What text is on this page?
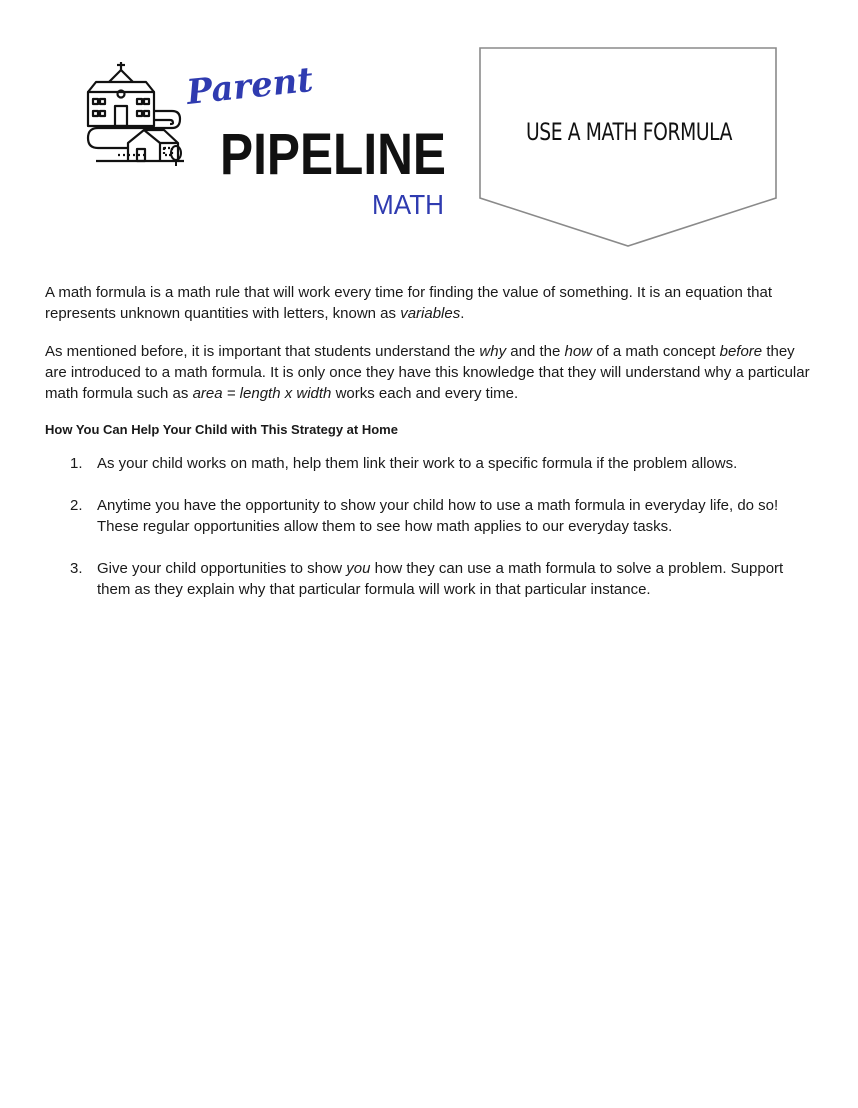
Parent
PIPELINE
MATH
USE A MATH FORMULA

A math formula is a math rule that will work every time for finding the value of something. It is an equation that represents unknown quantities with letters, known as variables.

As mentioned before, it is important that students understand the why and the how of a math concept before they are introduced to a math formula. It is only once they have this knowledge that they will understand why a particular math formula such as area = length x width works each and every time.

How You Can Help Your Child with This Strategy at Home
1. As your child works on math, help them link their work to a specific formula if the problem allows.
2. Anytime you have the opportunity to show your child how to use a math formula in everyday life, do so! These regular opportunities allow them to see how math applies to our everyday tasks.
3. Give your child opportunities to show you how they can use a math formula to solve a problem. Support them as they explain why that particular formula will work in that particular instance.
